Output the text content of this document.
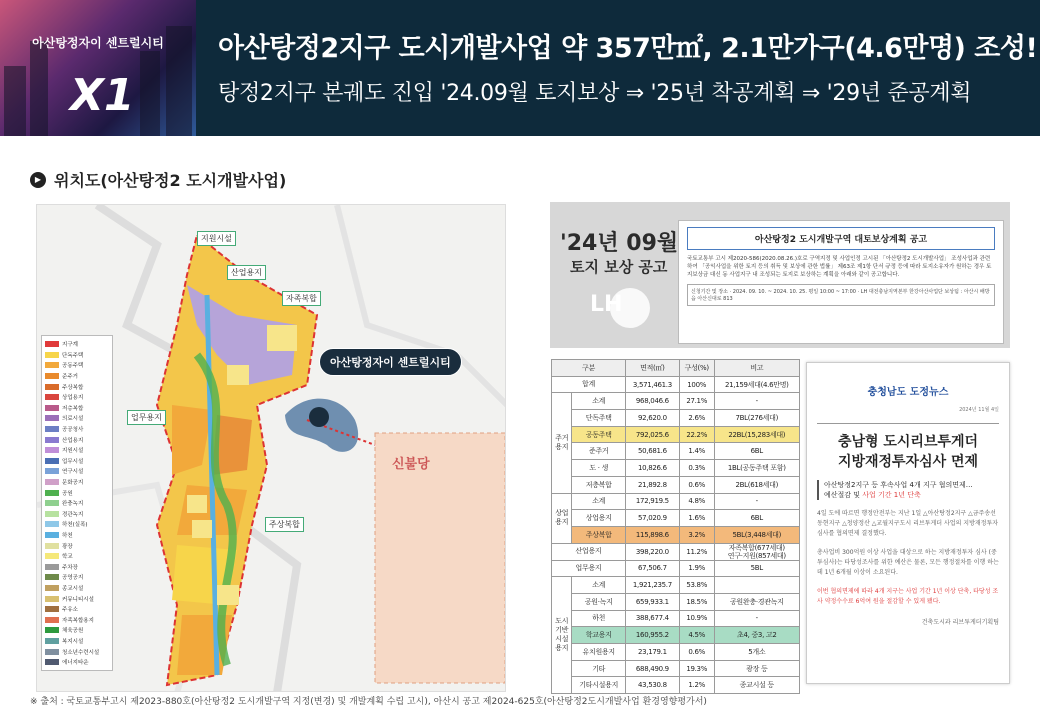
아산탕정자이 센트럴시티
X1
아산탕정2지구 도시개발사업 약 357만㎡, 2.1만가구(4.6만명) 조성!
탕정2지구 본궤도 진입 '24.09월 토지보상 ⇒ '25년 착공계획 ⇒ '29년 준공계획
▶ 위치도(아산탕정2 도시개발사업)
지원시설
산업용지
자족복합
업무용지
주상복합
아산탕정자이 센트럴시티
신불당
지구계
단독주택
공동주택
준주거
주상복합
상업용지
저층복합
의료시설
공공청사
산업용지
지원시설
업무시설
연구시설
문화공지
공원
완충녹지
경관녹지
하천(실폭)
하천
광장
학교
주차장
공영공지
종교시설
커뮤니티시설
주유소
자족복합용지
체육공원
복지시설
청소년수련시설
에너지타운
'24년 09월
토지 보상 공고
LH
아산탕정2 도시개발구역 대토보상계획 공고
국토교통부 고시 제2020-586(2020.08.26.)호로 구역지정 및 사업인정 고시된 「아산탕정2 도시개발사업」 조성사업과 관련하여 「공익사업을 위한 토지 등의 취득 및 보상에 관한 법률」 제63조 제1항 단서 규정 등에 따라 토지소유자가 원하는 경우 토지보상금 대신 동 사업지구 내 조성되는 토지로 보상하는 계획을 아래와 같이 공고합니다.
신청기간 및 장소 · 2024. 09. 10. ~ 2024. 10. 25. 평일 10:00 ~ 17:00 · LH 대전충남지역본부 한강아산사업단 보상팀 : 아산시 배방읍 아산신대로 813
구분		면적(㎡)	구성(%)	비고
합계		3,571,461.3	100%	21,159세대(4.6만명)
주거
용지	소계	968,046.6	27.1%	-
	단독주택	92,620.0	2.6%	7BL(276세대)
	공동주택	792,025.6	22.2%	22BL(15,283세대)
	준주거	50,681.6	1.4%	6BL
	도 · 생	10,826.6	0.3%	1BL(공동주택 포함)
	저층복합	21,892.8	0.6%	2BL(618세대)
상업
용지	소계	172,919.5	4.8%	-
	상업용지	57,020.9	1.6%	6BL
	주상복합	115,898.6	3.2%	5BL(3,448세대)
산업용지		398,220.0	11.2%	자족복합(677세대)
연구·지원(857세대)
업무용지		67,506.7	1.9%	5BL
도시
기반
시설
용지	소계	1,921,235.7	53.8%	
	공원·녹지	659,933.1	18.5%	공원완충·경관녹지
	하천	388,677.4	10.9%	-
	학교용지	160,955.2	4.5%	초4, 중3, 고2
	유치원용지	23,179.1	0.6%	5개소
	기타	688,490.9	19.3%	광장 등
	기타시설용지	43,530.8	1.2%	종교시설 등
충청남도 도정뉴스
2024년 11월 4일
충남형 도시리브투게더
지방재정투자심사 면제
아산탕정2지구 등 후속사업 4개 지구 협의면제…
예산절감 및 사업 기간 1년 단축
4일 도에 따르면 행정안전부는 지난 1일 △아산탕정2지구 △금주송선동현지구 △청양정산 △교월지구도시 리브투게더 사업의 지방재정투자심사를 협의면제 결정했다.
총사업비 300억원 이상 사업을 대상으로 하는 지방재정투자 심사 (중투심사)는 타당성조사를 위한 예산은 물론, 모든 행정절차를 이행 하는데 1년 6개월 이상이 소요된다.
이번 협의면제에 따라 4개 지구는 사업 기간 1년 이상 단축, 타당성 조사 약정수수료 6억여 원을 절감할 수 있게 됐다.
건축도시과 리브투게더기획팀
※ 출처 : 국토교통부고시 제2023-880호(아산탕정2 도시개발구역 지정(변경) 및 개발계획 수립 고시), 아산시 공고 제2024-625호(아산탕정2도시개발사업 환경영향평가서)
